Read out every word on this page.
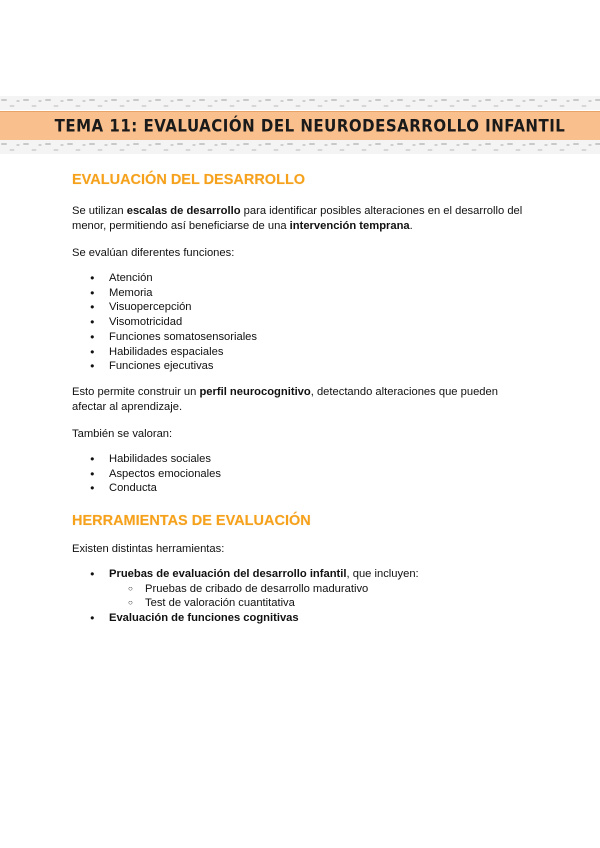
TEMA 11: EVALUACIÓN DEL NEURODESARROLLO INFANTIL
EVALUACIÓN DEL DESARROLLO

Se utilizan escalas de desarrollo para identificar posibles alteraciones en el desarrollo del
menor, permitiendo así beneficiarse de una intervención temprana.

Se evalúan diferentes funciones:

● Atención
● Memoria
● Visuopercepción
● Visomotricidad
● Funciones somatosensoriales
● Habilidades espaciales
● Funciones ejecutivas

Esto permite construir un perfil neurocognitivo, detectando alteraciones que pueden
afectar al aprendizaje.

También se valoran:

● Habilidades sociales
● Aspectos emocionales
● Conducta
HERRAMIENTAS DE EVALUACIÓN

Existen distintas herramientas:

● Pruebas de evaluación del desarrollo infantil, que incluyen:
○ Pruebas de cribado de desarrollo madurativo
○ Test de valoración cuantitativa
● Evaluación de funciones cognitivas
